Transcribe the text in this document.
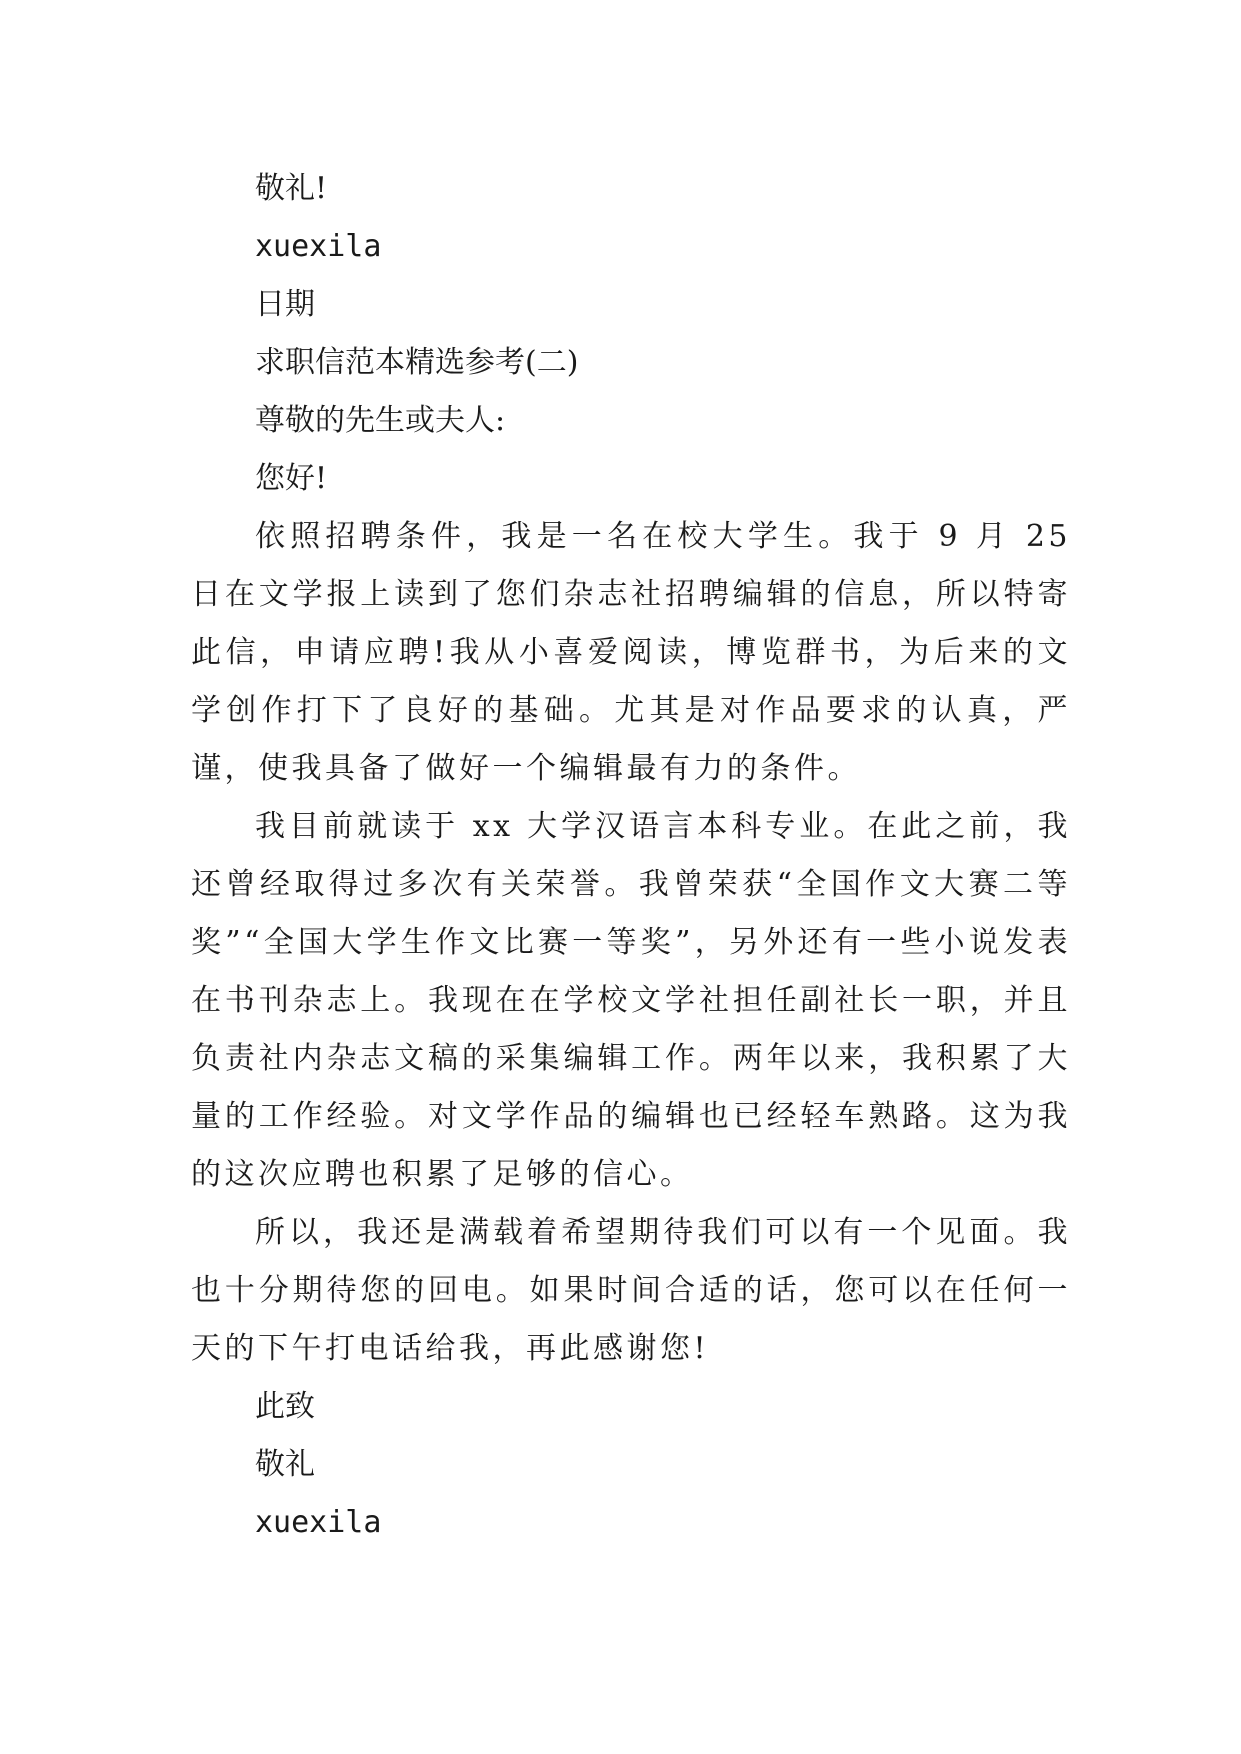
敬礼!

xuexila

日期

求职信范本精选参考(二)

尊敬的先生或夫人:

您好!

依照招聘条件，我是一名在校大学生。我于 9 月 25 日在文学报上读到了您们杂志社招聘编辑的信息，所以特寄此信，申请应聘!我从小喜爱阅读，博览群书，为后来的文学创作打下了良好的基础。尤其是对作品要求的认真，严谨，使我具备了做好一个编辑最有力的条件。

我目前就读于 xx 大学汉语言本科专业。在此之前，我还曾经取得过多次有关荣誉。我曾荣获“全国作文大赛二等奖”“全国大学生作文比赛一等奖”，另外还有一些小说发表在书刊杂志上。我现在在学校文学社担任副社长一职，并且负责社内杂志文稿的采集编辑工作。两年以来，我积累了大量的工作经验。对文学作品的编辑也已经轻车熟路。这为我的这次应聘也积累了足够的信心。

所以，我还是满载着希望期待我们可以有一个见面。我也十分期待您的回电。如果时间合适的话，您可以在任何一天的下午打电话给我，再此感谢您!

此致

敬礼

xuexila
